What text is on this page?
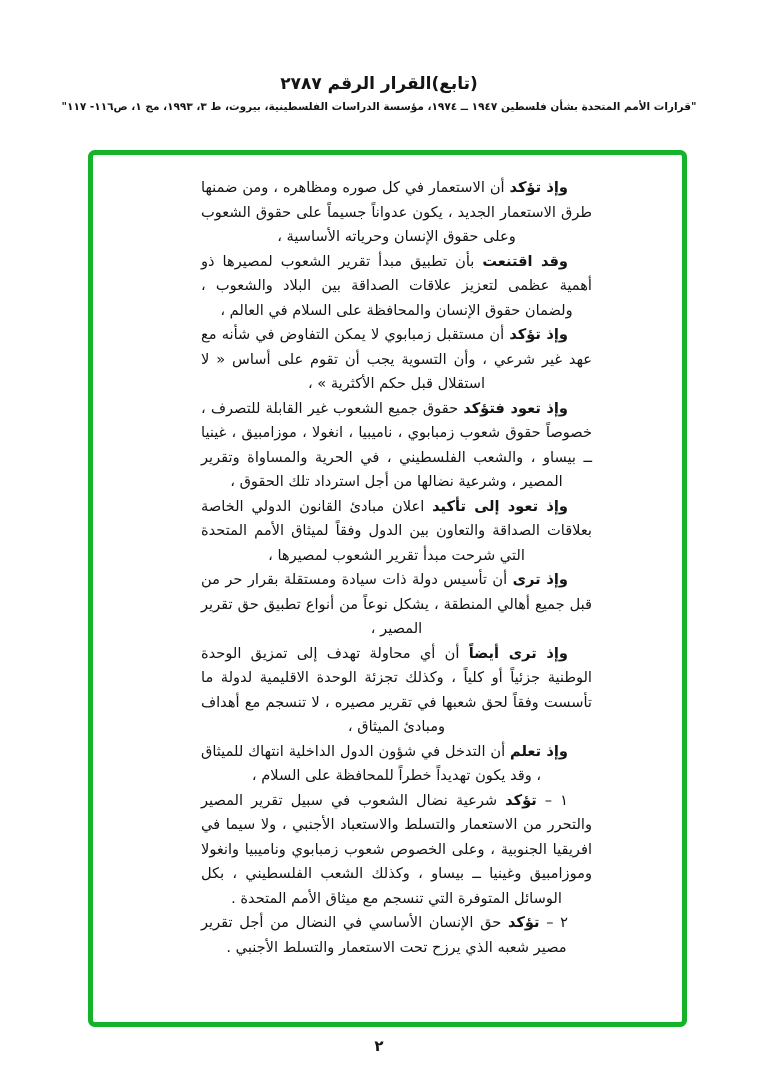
(تابع)القرار الرقم ٢٧٨٧
"قرارات الأمم المتحدة بشأن فلسطين ١٩٤٧ ــ ١٩٧٤، مؤسسة الدراسات الفلسطينية، بيروت، ط ٣، ١٩٩٣، مج ١، ص١١٦- ١١٧"

وإذ تؤكد أن الاستعمار في كل صوره ومظاهره ، ومن ضمنها طرق الاستعمار الجديد ، يكون عدواناً جسيماً على حقوق الشعوب وعلى حقوق الإنسان وحرياته الأساسية ،

وقد اقتنعت بأن تطبيق مبدأ تقرير الشعوب لمصيرها ذو أهمية عظمى لتعزيز علاقات الصداقة بين البلاد والشعوب ، ولضمان حقوق الإنسان والمحافظة على السلام في العالم ،

وإذ تؤكد أن مستقبل زمبابوي لا يمكن التفاوض في شأنه مع عهد غير شرعي ، وأن التسوية يجب أن تقوم على أساس « لا استقلال قبل حكم الأكثرية » ،

وإذ تعود فتؤكد حقوق جميع الشعوب غير القابلة للتصرف ، خصوصاً حقوق شعوب زمبابوي ، ناميبيا ، انغولا ، موزامبيق ، غينيا ــ بيساو ، والشعب الفلسطيني ، في الحرية والمساواة وتقرير المصير ، وشرعية نضالها من أجل استرداد تلك الحقوق ،

وإذ تعود إلى تأكيد اعلان مبادئ القانون الدولي الخاصة بعلاقات الصداقة والتعاون بين الدول وفقاً لميثاق الأمم المتحدة التي شرحت مبدأ تقرير الشعوب لمصيرها ،

وإذ ترى أن تأسيس دولة ذات سيادة ومستقلة بقرار حر من قبل جميع أهالي المنطقة ، يشكل نوعاً من أنواع تطبيق حق تقرير المصير ،

وإذ ترى أيضاً أن أي محاولة تهدف إلى تمزيق الوحدة الوطنية جزئياً أو كلياً ، وكذلك تجزئة الوحدة الاقليمية لدولة ما تأسست وفقاً لحق شعبها في تقرير مصيره ، لا تنسجم مع أهداف ومبادئ الميثاق ،

وإذ تعلم أن التدخل في شؤون الدول الداخلية انتهاك للميثاق ، وقد يكون تهديداً خطراً للمحافظة على السلام ،

١ – تؤكد شرعية نضال الشعوب في سبيل تقرير المصير والتحرر من الاستعمار والتسلط والاستعباد الأجنبي ، ولا سيما في افريقيا الجنوبية ، وعلى الخصوص شعوب زمبابوي وناميبيا وانغولا وموزامبيق وغينيا ــ بيساو ، وكذلك الشعب الفلسطيني ، بكل الوسائل المتوفرة التي تنسجم مع ميثاق الأمم المتحدة .

٢ – تؤكد حق الإنسان الأساسي في النضال من أجل تقرير مصير شعبه الذي يرزح تحت الاستعمار والتسلط الأجنبي .

٢
